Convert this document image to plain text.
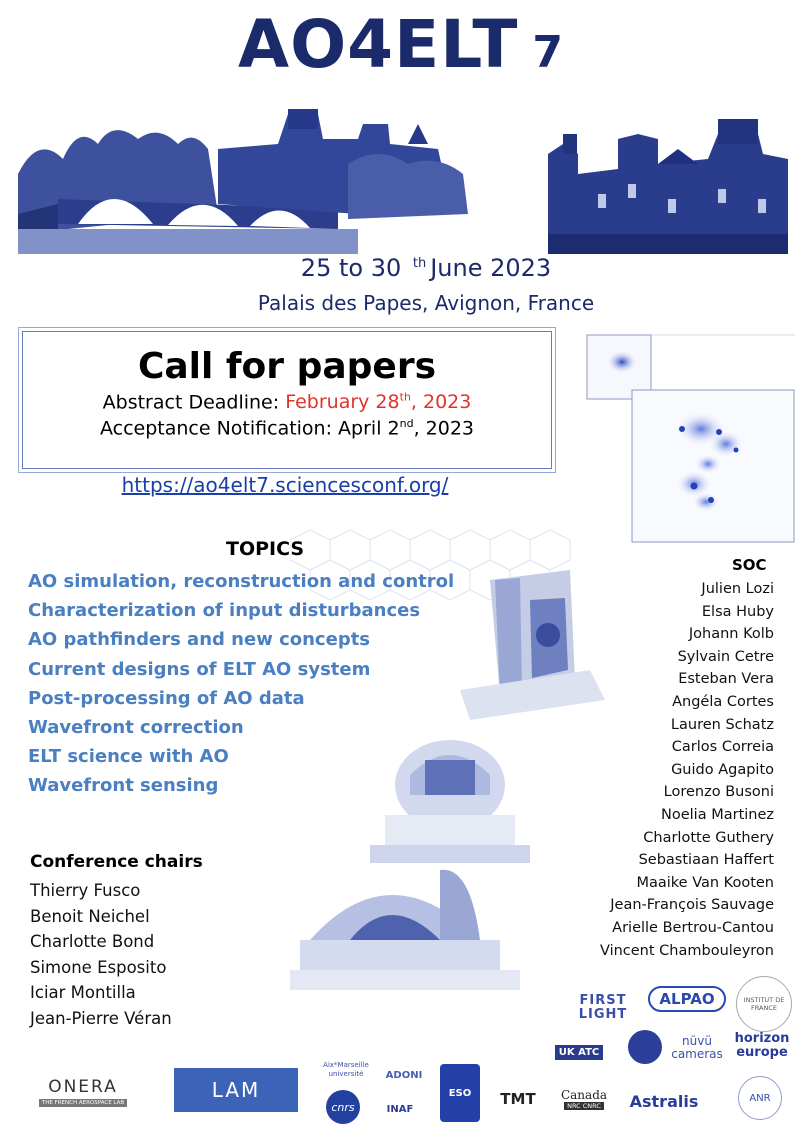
AO4ELT 7
25 to 30 $^{th}$ June 2023
Palais des Papes, Avignon, France
Call for papers
Abstract Deadline: February 28th, 2023
Acceptance Notification: April 2nd, 2023
https://ao4elt7.sciencesconf.org/
TOPICS
AO simulation, reconstruction and control
Characterization of input disturbances
AO pathfinders and new concepts
Current designs of ELT AO system
Post-processing of AO data
Wavefront correction
ELT science with AO
Wavefront sensing
SOC
Julien Lozi
Elsa Huby
Johann Kolb
Sylvain Cetre
Esteban Vera
Angéla Cortes
Lauren Schatz
Carlos Correia
Guido Agapito
Lorenzo Busoni
Noelia Martinez
Charlotte Guthery
Sebastiaan Haffert
Maaike Van Kooten
Jean-François Sauvage
Arielle Bertrou-Cantou
Vincent Chambouleyron
Conference chairs
Thierry Fusco
Benoit Neichel
Charlotte Bond
Simone Esposito
Iciar Montilla
Jean-Pierre Véran
FIRST LIGHT
ALPAO	INSTITUT DE FRANCE
UK ATC
nüvü cameras
horizon europe
ONERA
THE FRENCH AEROSPACE LAB
LAM
Aix*Marseille université
cnrs
ADONI
INAF
ESO TMT Canada
NRC CNRC Astralis	ANR
